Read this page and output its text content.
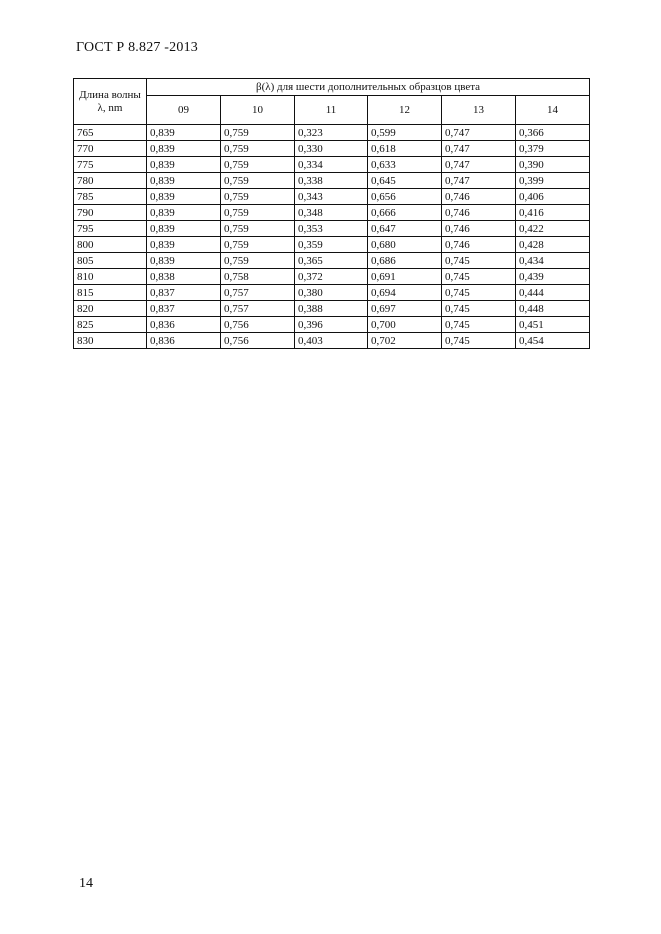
ГОСТ Р 8.827 -2013
Длина волны λ, nm	β(λ) для шести дополнительных образцов цвета					
	09	10	11	12	13	14
765	0,839	0,759	0,323	0,599	0,747	0,366
770	0,839	0,759	0,330	0,618	0,747	0,379
775	0,839	0,759	0,334	0,633	0,747	0,390
780	0,839	0,759	0,338	0,645	0,747	0,399
785	0,839	0,759	0,343	0,656	0,746	0,406
790	0,839	0,759	0,348	0,666	0,746	0,416
795	0,839	0,759	0,353	0,647	0,746	0,422
800	0,839	0,759	0,359	0,680	0,746	0,428
805	0,839	0,759	0,365	0,686	0,745	0,434
810	0,838	0,758	0,372	0,691	0,745	0,439
815	0,837	0,757	0,380	0,694	0,745	0,444
820	0,837	0,757	0,388	0,697	0,745	0,448
825	0,836	0,756	0,396	0,700	0,745	0,451
830	0,836	0,756	0,403	0,702	0,745	0,454
14
